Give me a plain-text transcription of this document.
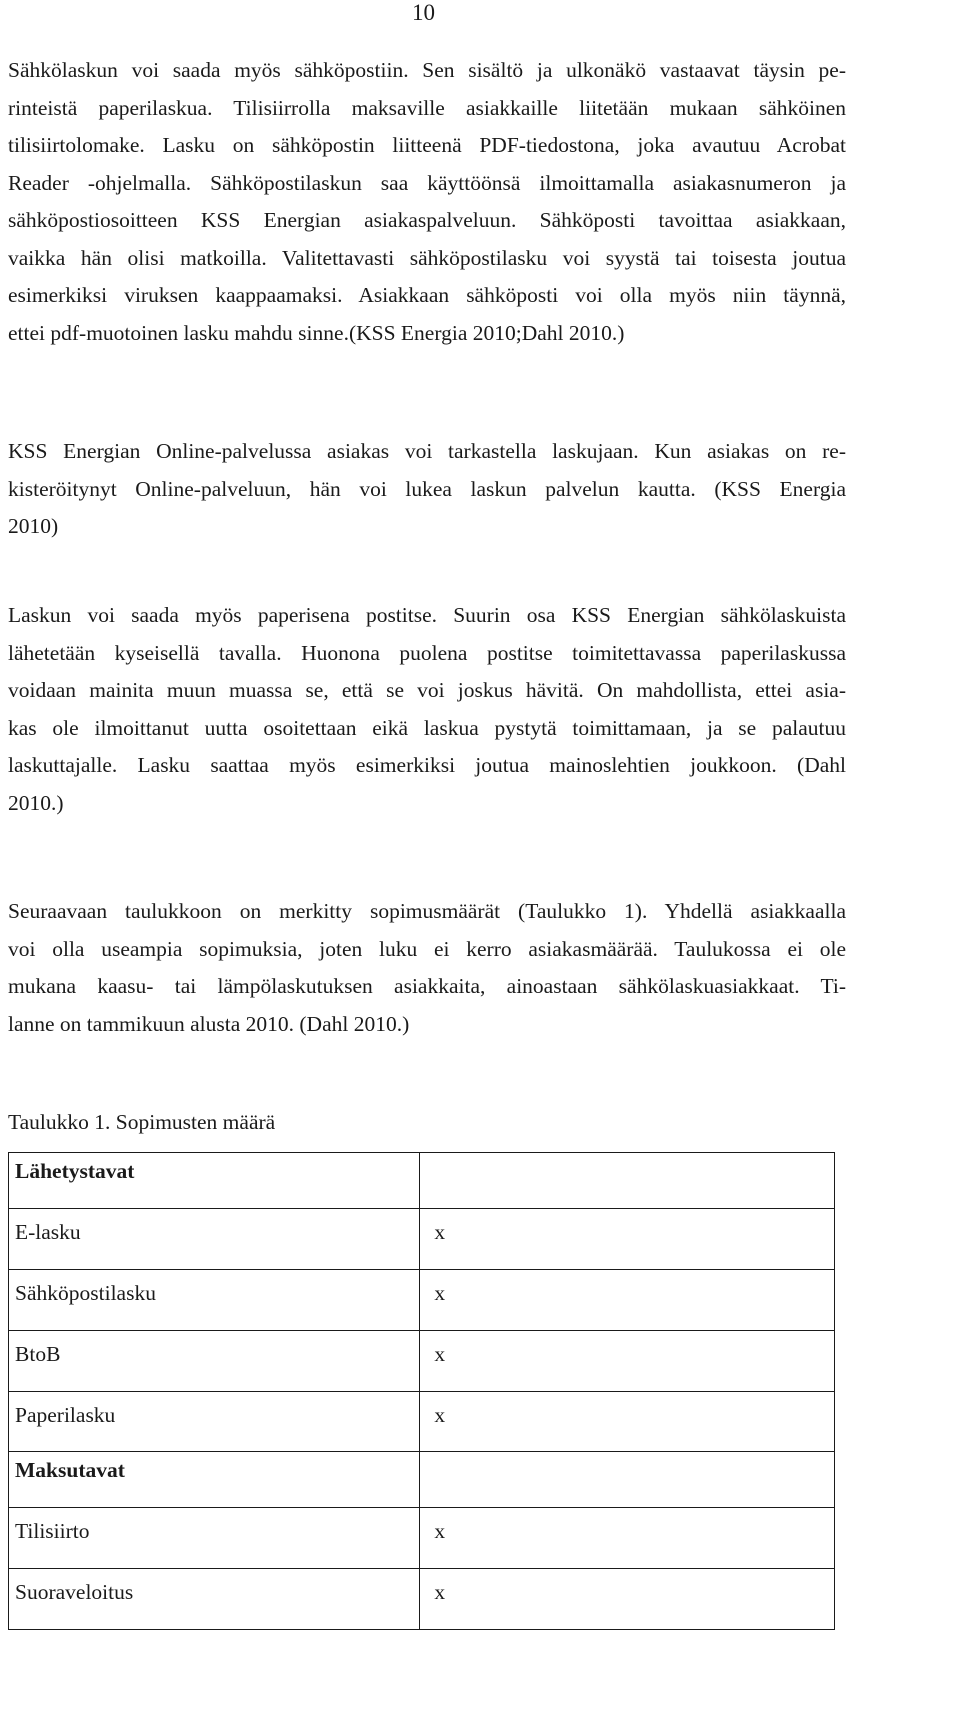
10
Sähkölaskun voi saada myös sähköpostiin. Sen sisältö ja ulkonäkö vastaavat täysin pe-
rinteistä paperilaskua. Tilisiirrolla maksaville asiakkaille liitetään mukaan sähköinen
tilisiirtolomake. Lasku on sähköpostin liitteenä PDF-tiedostona, joka avautuu Acrobat
Reader -ohjelmalla. Sähköpostilaskun saa käyttöönsä ilmoittamalla asiakasnumeron ja
sähköpostiosoitteen KSS Energian asiakaspalveluun. Sähköposti tavoittaa asiakkaan,
vaikka hän olisi matkoilla. Valitettavasti sähköpostilasku voi syystä tai toisesta joutua
esimerkiksi viruksen kaappaamaksi. Asiakkaan sähköposti voi olla myös niin täynnä,
ettei pdf-muotoinen lasku mahdu sinne.(KSS Energia 2010;Dahl 2010.)
KSS Energian Online-palvelussa asiakas voi tarkastella laskujaan. Kun asiakas on re-
kisteröitynyt Online-palveluun, hän voi lukea laskun palvelun kautta. (KSS Energia
2010)
Laskun voi saada myös paperisena postitse. Suurin osa KSS Energian sähkölaskuista
lähetetään kyseisellä tavalla. Huonona puolena postitse toimitettavassa paperilaskussa
voidaan mainita muun muassa se, että se voi joskus hävitä. On mahdollista, ettei asia-
kas ole ilmoittanut uutta osoitettaan eikä laskua pystytä toimittamaan, ja se palautuu
laskuttajalle. Lasku saattaa myös esimerkiksi joutua mainoslehtien joukkoon. (Dahl
2010.)
Seuraavaan taulukkoon on merkitty sopimusmäärät (Taulukko 1). Yhdellä asiakkaalla
voi olla useampia sopimuksia, joten luku ei kerro asiakasmäärää. Taulukossa ei ole
mukana kaasu- tai lämpölaskutuksen asiakkaita, ainoastaan sähkölaskuasiakkaat. Ti-
lanne on tammikuun alusta 2010. (Dahl 2010.)
Taulukko 1. Sopimusten määrä
Lähetystavat	
E-lasku	x
Sähköpostilasku	x
BtoB	x
Paperilasku	x
Maksutavat	
Tilisiirto	x
Suoraveloitus	x
